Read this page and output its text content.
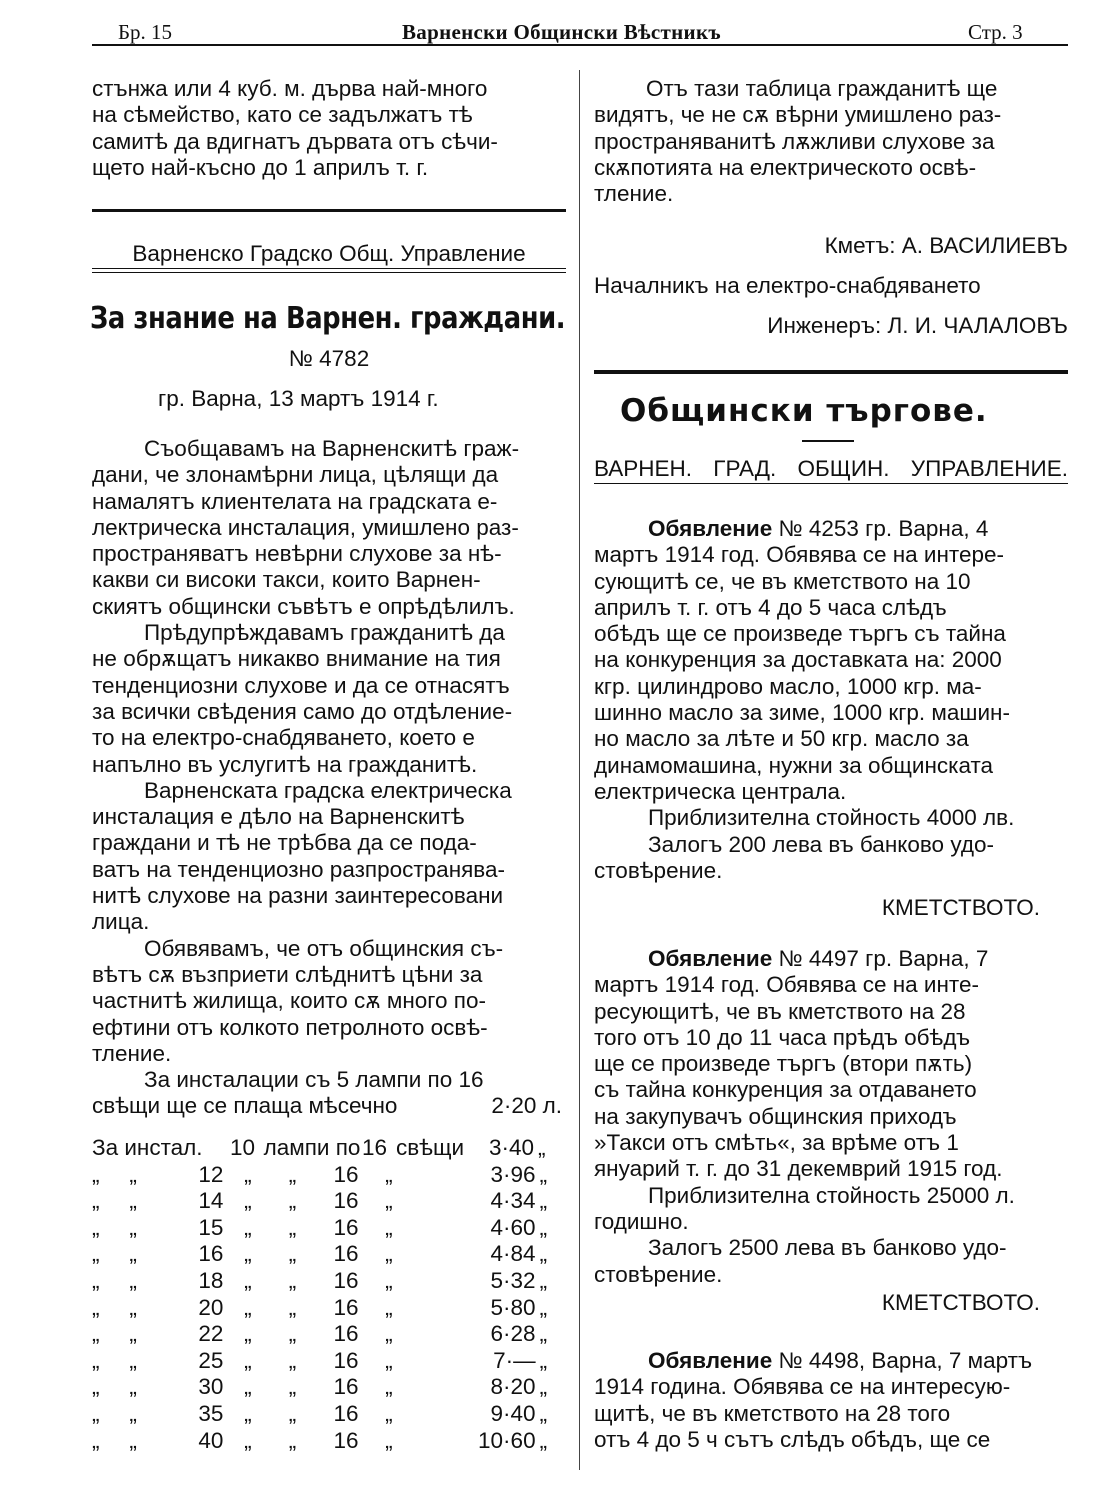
Бр. 15	Варненски Общински Вѣстникъ	Стр. 3
стънжа или 4 куб. м. дърва най-много
на сѣмейство, като се задължатъ тѣ
самитѣ да вдигнатъ дървата отъ сѣчи-
щето най-късно до 1 априлъ т. г.
Варненско Градско Общ. Управление
За знание на Варнен. граждани.
№ 4782
гр. Варна, 13 мартъ 1914 г.
Съобщавамъ на Варненскитѣ граж-
дани, че злонамѣрни лица, цѣлящи да
намалятъ клиентелата на градската е-
лектрическа инсталация, умишлено раз-
пространяватъ невѣрни слухове за нѣ-
какви си високи такси, които Варнен-
скиятъ общински съвѣтъ е опрѣдѣлилъ.
Прѣдупрѣждавамъ гражданитѣ да
не обрѫщатъ никакво внимание на тия
тенденциозни слухове и да се отнасятъ
за всички свѣдения само до отдѣление-
то на електро-снабдяването, което е
напълно въ услугитѣ на гражданитѣ.
Варненската градска електрическа
инсталация е дѣло на Варненскитѣ
граждани и тѣ не трѣбва да се пода-
ватъ на тенденциозно разпространява-
нитѣ слухове на разни заинтересовани
лица.
Обявявамъ, че отъ общинския съ-
вѣтъ сѫ възприети слѣднитѣ цѣни за
частнитѣ жилища, които сѫ много по-
ефтини отъ колкото петролното освѣ-
тление.
За инсталации съ 5 лампи по 16
свѣщи ще се плаща мѣсечно	2·20 л.
За инстал.	10 лампи по 16 свѣщи	3·40 „
„	„	12	„	„	16	„	3·96	„
„	„	14	„	„	16	„	4·34	„
„	„	15	„	„	16	„	4·60	„
„	„	16	„	„	16	„	4·84	„
„	„	18	„	„	16	„	5·32	„
„	„	20	„	„	16	„	5·80	„
„	„	22	„	„	16	„	6·28	„
„	„	25	„	„	16	„	7·—	„
„	„	30	„	„	16	„	8·20	„
„	„	35	„	„	16	„	9·40	„
„	„	40	„	„	16	„	10·60	„
Отъ тази таблица гражданитѣ ще
видятъ, че не сѫ вѣрни умишлено раз-
пространяванитѣ лѫжливи слухове за
скѫпотията на електрическото освѣ-
тление.
Кметъ: А. ВАСИЛИЕВЪ
Началникъ на електро-снабдяването
Инженеръ: Л. И. ЧАЛАЛОВЪ
Общински търгове.
ВАРНЕН. ГРАД. ОБЩИН. УПРАВЛЕНИЕ.
Обявление № 4253 гр. Варна, 4
мартъ 1914 год. Обявява се на интере-
сующитѣ се, че въ кметството на 10
априлъ т. г. отъ 4 до 5 часа слѣдъ
обѣдъ ще се произведе търгъ съ тайна
на конкуренция за доставката на: 2000
кгр. цилиндрово масло, 1000 кгр. ма-
шинно масло за зиме, 1000 кгр. машин-
но масло за лѣте и 50 кгр. масло за
динамомашина, нужни за общинската
електрическа централа.
Приблизителна стойность 4000 лв.
Залогъ 200 лева въ банково удо-
стовѣрение.
КМЕТСТВОТО.
Обявление № 4497 гр. Варна, 7
мартъ 1914 год. Обявява се на инте-
ресующитѣ, че въ кметството на 28
того отъ 10 до 11 часа прѣдъ обѣдъ
ще се произведе търгъ (втори пѫть)
съ тайна конкуренция за отдаването
на закупувачъ общинския приходъ
»Такси отъ смѣть«, за врѣме отъ 1
януарий т. г. до 31 декемврий 1915 год.
Приблизителна стойность 25000 л.
годишно.
Залогъ 2500 лева въ банково удо-
стовѣрение.
КМЕТСТВОТО.
Обявление № 4498, Варна, 7 мартъ
1914 година. Обявява се на интересую-
щитѣ, че въ кметството на 28 того
отъ 4 до 5 ч сътъ слѣдъ обѣдъ, ще се
